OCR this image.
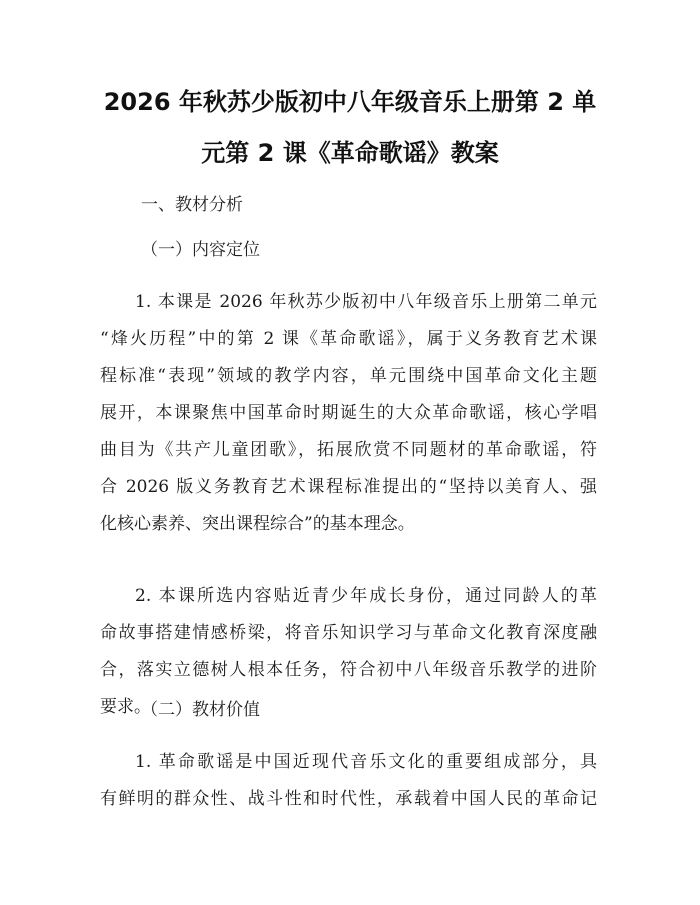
2026 年秋苏少版初中八年级音乐上册第 2 单
元第 2 课《革命歌谣》教案
一、教材分析
（一）内容定位
1. 本课是 2026 年秋苏少版初中八年级音乐上册第二单元
“烽火历程”中的第 2 课《革命歌谣》，属于义务教育艺术课
程标准“表现”领域的教学内容，单元围绕中国革命文化主题
展开，本课聚焦中国革命时期诞生的大众革命歌谣，核心学唱
曲目为《共产儿童团歌》，拓展欣赏不同题材的革命歌谣，符
合 2026 版义务教育艺术课程标准提出的“坚持以美育人、强
化核心素养、突出课程综合”的基本理念。
2. 本课所选内容贴近青少年成长身份，通过同龄人的革
命故事搭建情感桥梁，将音乐知识学习与革命文化教育深度融
合，落实立德树人根本任务，符合初中八年级音乐教学的进阶
要求。
（二）教材价值
1. 革命歌谣是中国近现代音乐文化的重要组成部分，具
有鲜明的群众性、战斗性和时代性，承载着中国人民的革命记
